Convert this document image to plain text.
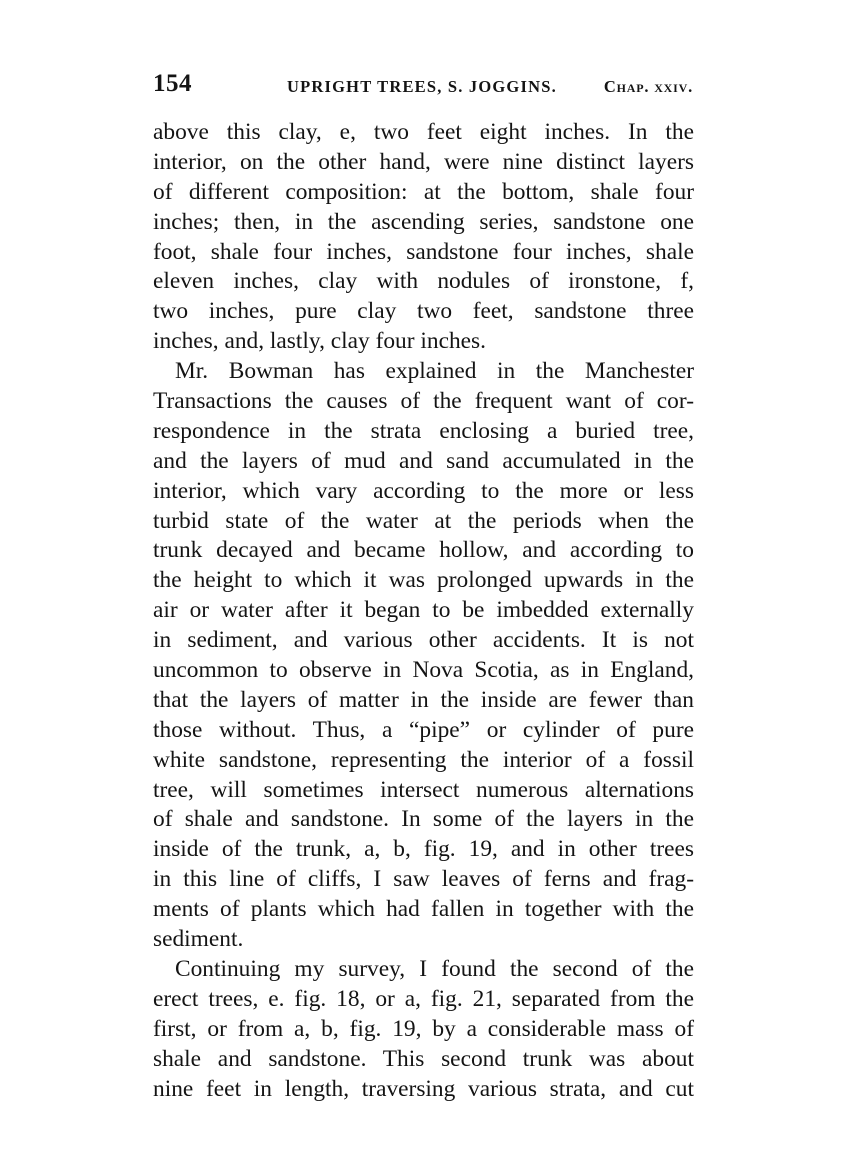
154	UPRIGHT TREES, S. JOGGINS.	Chap. xxiv.
above this clay, e, two feet eight inches. In the
interior, on the other hand, were nine distinct layers
of different composition: at the bottom, shale four
inches; then, in the ascending series, sandstone one
foot, shale four inches, sandstone four inches, shale
eleven inches, clay with nodules of ironstone, f,
two inches, pure clay two feet, sandstone three
inches, and, lastly, clay four inches.
Mr. Bowman has explained in the Manchester
Transactions the causes of the frequent want of cor-
respondence in the strata enclosing a buried tree,
and the layers of mud and sand accumulated in the
interior, which vary according to the more or less
turbid state of the water at the periods when the
trunk decayed and became hollow, and according to
the height to which it was prolonged upwards in the
air or water after it began to be imbedded externally
in sediment, and various other accidents. It is not
uncommon to observe in Nova Scotia, as in England,
that the layers of matter in the inside are fewer than
those without. Thus, a “pipe” or cylinder of pure
white sandstone, representing the interior of a fossil
tree, will sometimes intersect numerous alternations
of shale and sandstone. In some of the layers in the
inside of the trunk, a, b, fig. 19, and in other trees
in this line of cliffs, I saw leaves of ferns and frag-
ments of plants which had fallen in together with the
sediment.
Continuing my survey, I found the second of the
erect trees, e. fig. 18, or a, fig. 21, separated from the
first, or from a, b, fig. 19, by a considerable mass of
shale and sandstone. This second trunk was about
nine feet in length, traversing various strata, and cut
